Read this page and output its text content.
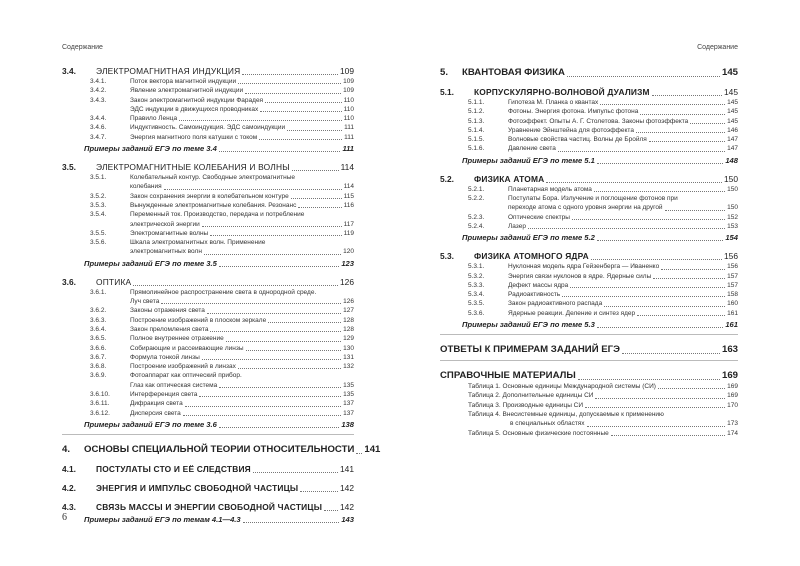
Содержание	Содержание
3.4.	ЭЛЕКТРОМАГНИТНАЯ ИНДУКЦИЯ	109
3.4.1.	Поток вектора магнитной индукции	109
3.4.2.	Явление электромагнитной индукции	109
3.4.3.	Закон электромагнитной индукции Фарадея	110
ЭДС индукции в движущихся проводниках	110
3.4.4.	Правило Ленца	110
3.4.6.	Индуктивность. Самоиндукция. ЭДС самоиндукции	111
3.4.7.	Энергия магнитного поля катушки с током	111
Примеры заданий ЕГЭ по теме 3.4	111
3.5.	ЭЛЕКТРОМАГНИТНЫЕ КОЛЕБАНИЯ И ВОЛНЫ	114
3.5.1.	Колебательный контур. Свободные электромагнитные
колебания	114
3.5.2.	Закон сохранения энергии в колебательном контуре	115
3.5.3.	Вынужденные электромагнитные колебания. Резонанс	116
3.5.4.	Переменный ток. Производство, передача и потребление
электрической энергии	117
3.5.5.	Электромагнитные волны	119
3.5.6.	Шкала электромагнитных волн. Применение
электромагнитных волн	120
Примеры заданий ЕГЭ по теме 3.5	123
3.6.	ОПТИКА	126
3.6.1.	Прямолинейное распространение света в однородной среде.
Луч света	126
3.6.2.	Законы отражения света	127
3.6.3.	Построение изображений в плоском зеркале	128
3.6.4.	Закон преломления света	128
3.6.5.	Полное внутреннее отражение	129
3.6.6.	Собирающие и рассеивающие линзы	130
3.6.7.	Формула тонкой линзы	131
3.6.8.	Построение изображений в линзах	132
3.6.9.	Фотоаппарат как оптический прибор.
Глаз как оптическая система	135
3.6.10.	Интерференция света	135
3.6.11.	Дифракция света	137
3.6.12.	Дисперсия света	137
Примеры заданий ЕГЭ по теме 3.6	138
4.	ОСНОВЫ СПЕЦИАЛЬНОЙ ТЕОРИИ ОТНОСИТЕЛЬНОСТИ 141
4.1.	ПОСТУЛАТЫ СТО И ЕЁ СЛЕДСТВИЯ	141
4.2.	ЭНЕРГИЯ И ИМПУЛЬС СВОБОДНОЙ ЧАСТИЦЫ	142
4.3.	СВЯЗЬ МАССЫ И ЭНЕРГИИ СВОБОДНОЙ ЧАСТИЦЫ 142
Примеры заданий ЕГЭ по темам 4.1—4.3	143
5.	КВАНТОВАЯ ФИЗИКА	145
5.1.	КОРПУСКУЛЯРНО-ВОЛНОВОЙ ДУАЛИЗМ	145
5.1.1.	Гипотеза М. Планка о квантах	145
5.1.2.	Фотоны. Энергия фотона. Импульс фотона	145
5.1.3.	Фотоэффект. Опыты А. Г. Столетова. Законы фотоэффекта	145
5.1.4.	Уравнение Эйнштейна для фотоэффекта	146
5.1.5.	Волновые свойства частиц. Волны де Бройля	147
5.1.6.	Давление света	147
Примеры заданий ЕГЭ по теме 5.1	148
5.2.	ФИЗИКА АТОМА	150
5.2.1.	Планетарная модель атома	150
5.2.2.	Постулаты Бора. Излучение и поглощение фотонов при
переходе атома с одного уровня энергии на другой	150
5.2.3.	Оптические спектры	152
5.2.4.	Лазер	153
Примеры заданий ЕГЭ по теме 5.2	154
5.3.	ФИЗИКА АТОМНОГО ЯДРА	156
5.3.1.	Нуклонная модель ядра Гейзенберга — Иваненко	156
5.3.2.	Энергия связи нуклонов в ядре. Ядерные силы	157
5.3.3.	Дефект массы ядра	157
5.3.4.	Радиоактивность	158
5.3.5.	Закон радиоактивного распада	160
5.3.6.	Ядерные реакции. Деление и синтез ядер	161
Примеры заданий ЕГЭ по теме 5.3	161
ОТВЕТЫ К ПРИМЕРАМ ЗАДАНИЙ ЕГЭ	163
СПРАВОЧНЫЕ МАТЕРИАЛЫ	169
Таблица 1. Основные единицы Международной системы (СИ)	169
Таблица 2. Дополнительные единицы СИ	169
Таблица 3. Производные единицы СИ	170
Таблица 4. Внесистемные единицы, допускаемые к применению
в специальных областях	173
Таблица 5. Основные физические постоянные	174
6
